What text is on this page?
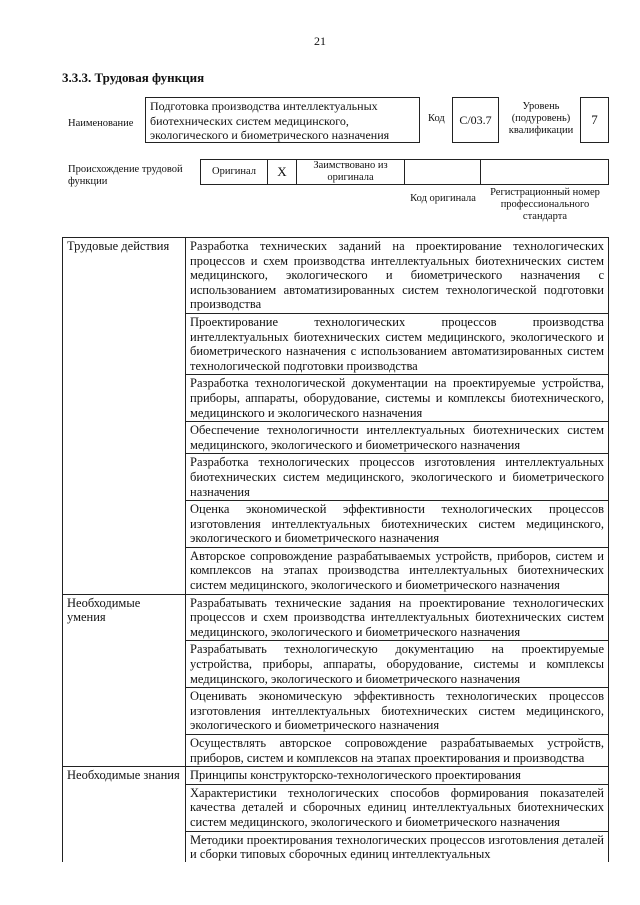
21
3.3.3. Трудовая функция
Наименование
Подготовка производства интеллектуальных биотехнических систем медицинского, экологического и биометрического назначения
Код	С/03.7
Уровень (подуровень) квалификации
7
Происхождение трудовой функции
Оригинал	X	Заимствовано из оригинала
Код оригинала
Регистрационный номер профессионального стандарта
Трудовые действия	Разработка технических заданий на проектирование технологических процессов и схем производства интеллектуальных биотехнических систем медицинского, экологического и биометрического назначения с использованием автоматизированных систем технологической подготовки производства
	Проектирование технологических процессов производства интеллектуальных биотехнических систем медицинского, экологического и биометрического назначения с использованием автоматизированных систем технологической подготовки производства
	Разработка технологической документации на проектируемые устройства, приборы, аппараты, оборудование, системы и комплексы биотехнического, медицинского и экологического назначения
	Обеспечение технологичности интеллектуальных биотехнических систем медицинского, экологического и биометрического назначения
	Разработка технологических процессов изготовления интеллектуальных биотехнических систем медицинского, экологического и биометрического назначения
	Оценка экономической эффективности технологических процессов изготовления интеллектуальных биотехнических систем медицинского, экологического и биометрического назначения
	Авторское сопровождение разрабатываемых устройств, приборов, систем и комплексов на этапах производства интеллектуальных биотехнических систем медицинского, экологического и биометрического назначения
Необходимые умения	Разрабатывать технические задания на проектирование технологических процессов и схем производства интеллектуальных биотехнических систем медицинского, экологического и биометрического назначения
	Разрабатывать технологическую документацию на проектируемые устройства, приборы, аппараты, оборудование, системы и комплексы медицинского, экологического и биометрического назначения
	Оценивать экономическую эффективность технологических процессов изготовления интеллектуальных биотехнических систем медицинского, экологического и биометрического назначения
	Осуществлять авторское сопровождение разрабатываемых устройств, приборов, систем и комплексов на этапах проектирования и производства
Необходимые знания	Принципы конструкторско-технологического проектирования
	Характеристики технологических способов формирования показателей качества деталей и сборочных единиц интеллектуальных биотехнических систем медицинского, экологического и биометрического назначения
	Методики проектирования технологических процессов изготовления деталей и сборки типовых сборочных единиц интеллектуальных
